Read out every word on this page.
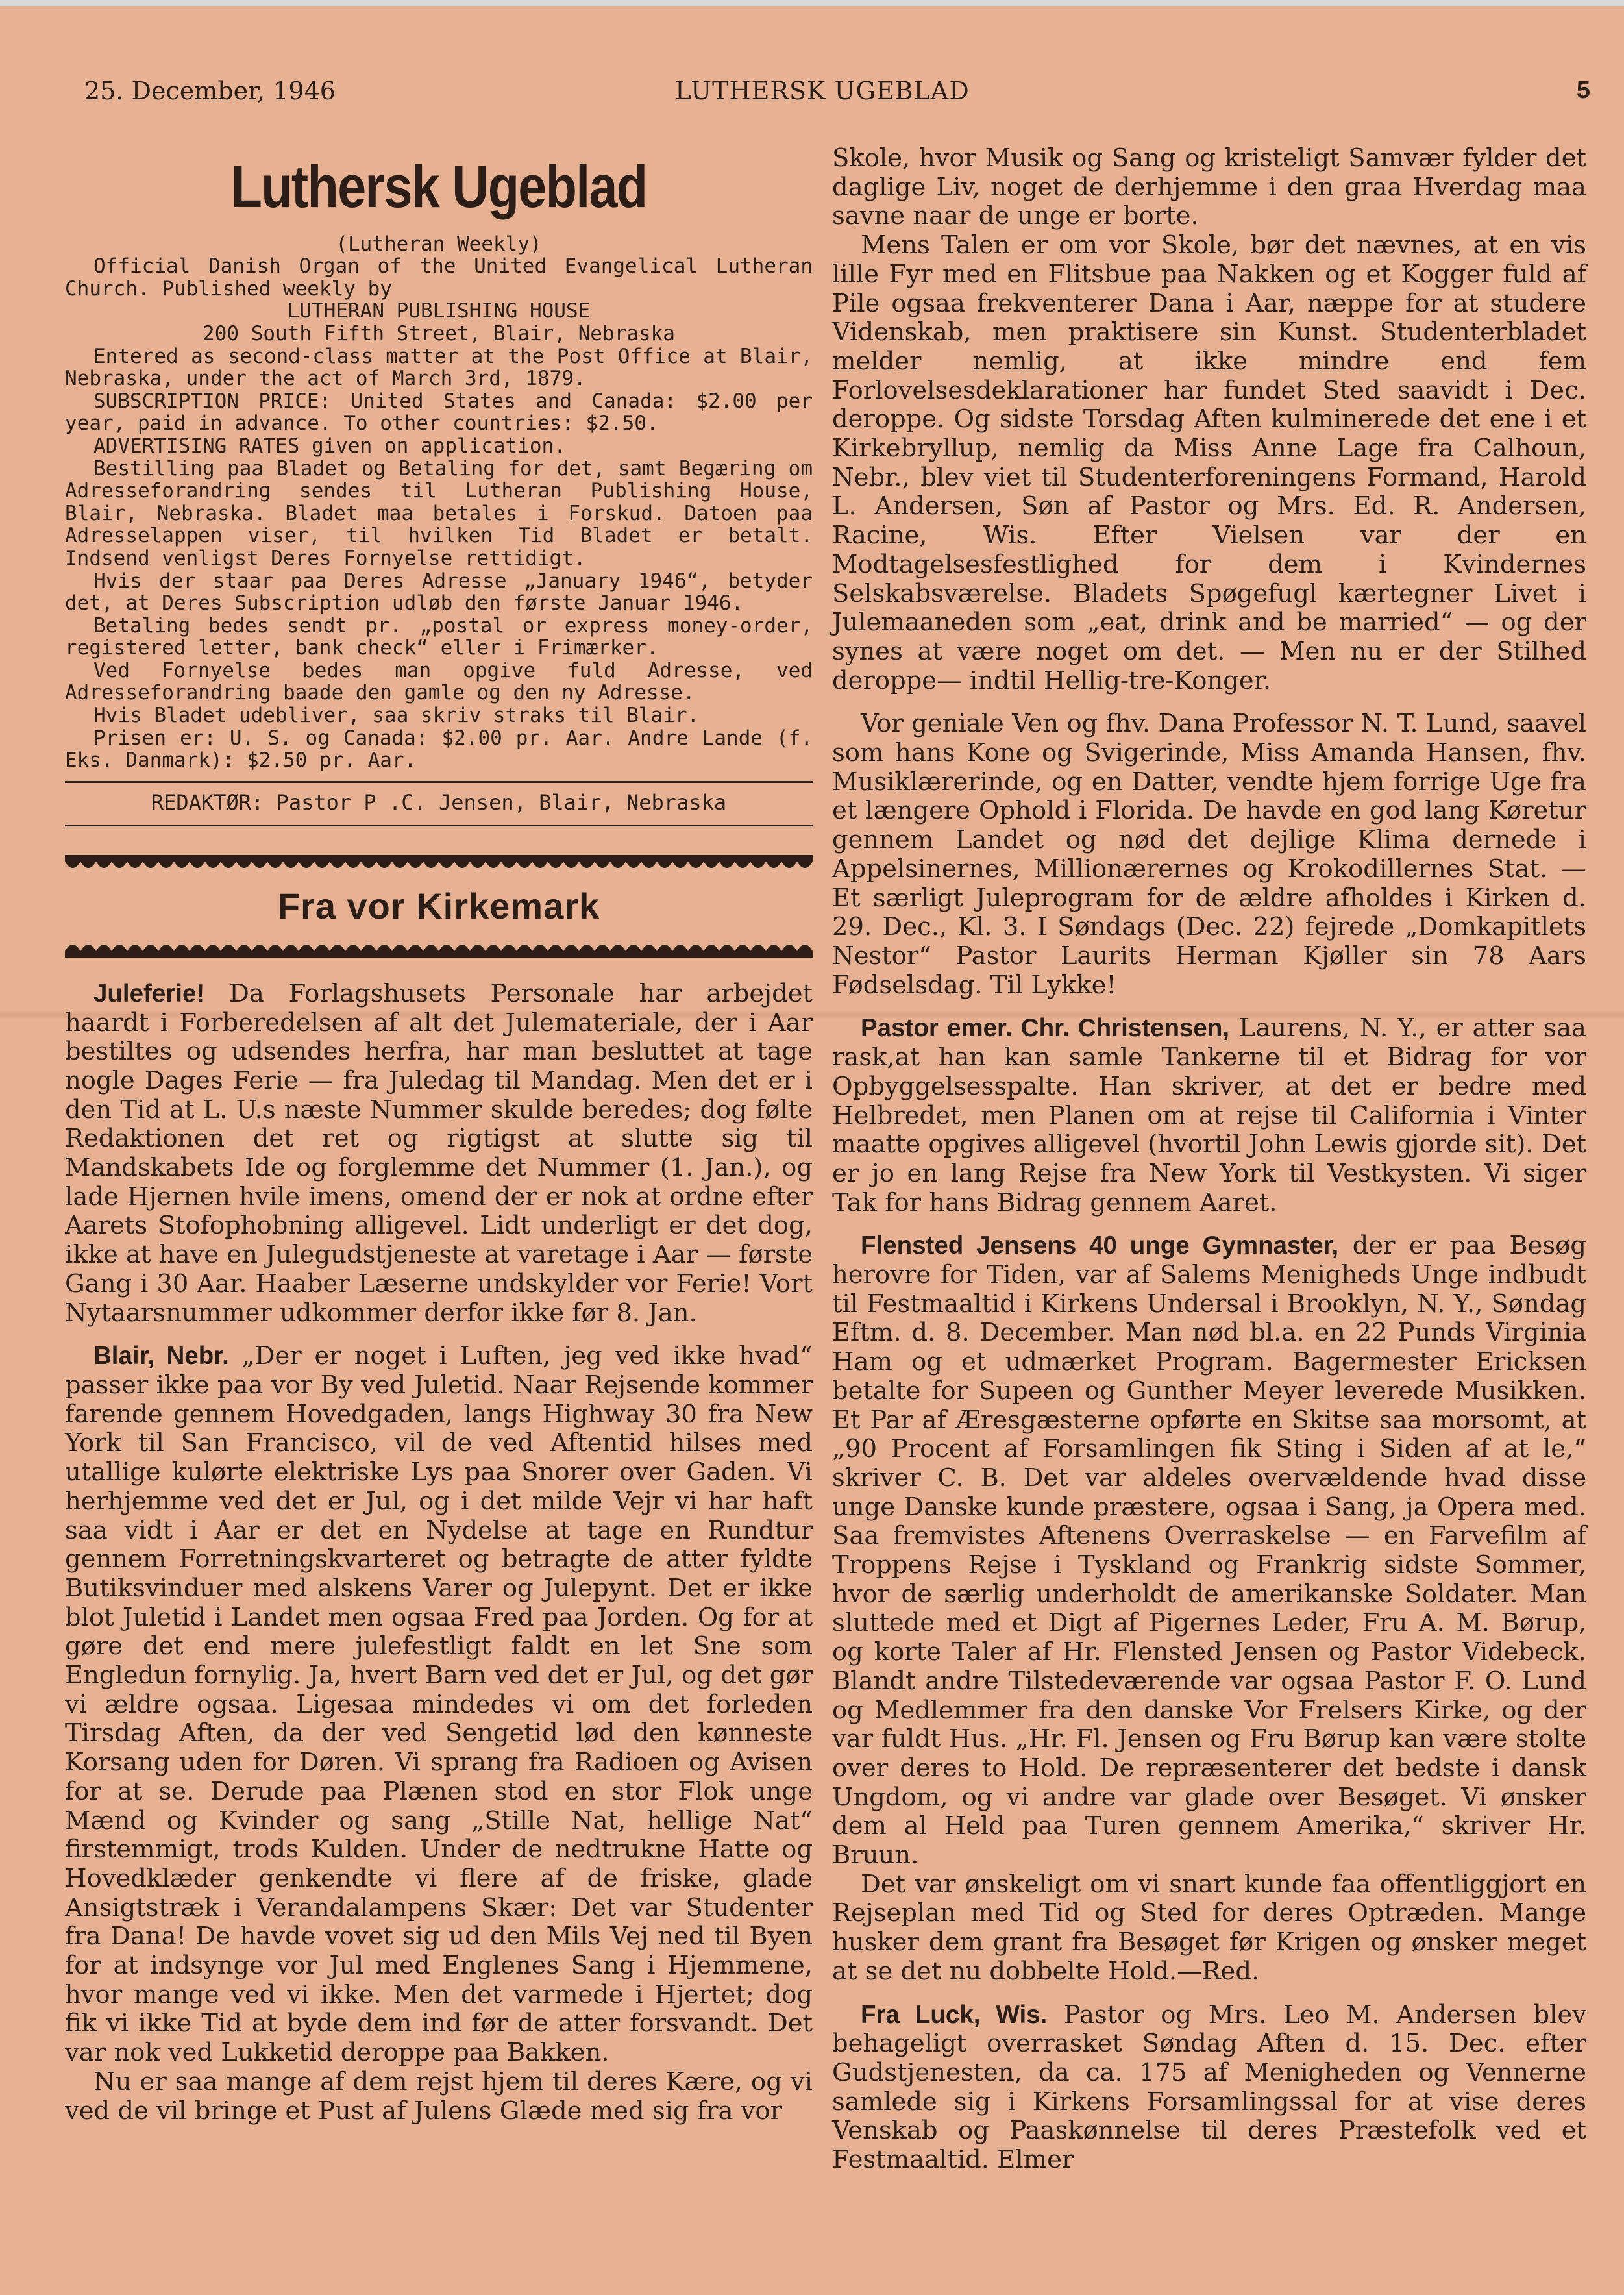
25. December, 1946	LUTHERSK UGEBLAD	5
Luthersk Ugeblad

(Lutheran Weekly)

Official Danish Organ of the United Evangelical Lutheran Church. Published weekly by

LUTHERAN PUBLISHING HOUSE

200 South Fifth Street, Blair, Nebraska

Entered as second-class matter at the Post Office at Blair, Nebraska, under the act of March 3rd, 1879.

SUBSCRIPTION PRICE: United States and Canada: $2.00 per year, paid in advance. To other countries: $2.50.

ADVERTISING RATES given on application.

Bestilling paa Bladet og Betaling for det, samt Begæring om Adresseforandring sendes til Lutheran Publishing House, Blair, Nebraska. Bladet maa betales i Forskud. Datoen paa Adresselappen viser, til hvilken Tid Bladet er betalt. Indsend venligst Deres Fornyelse rettidigt.

Hvis der staar paa Deres Adresse „January 1946“, betyder det, at Deres Subscription udløb den første Januar 1946.

Betaling bedes sendt pr. „postal or express money-order, registered letter, bank check“ eller i Frimærker.

Ved Fornyelse bedes man opgive fuld Adresse, ved Adresseforandring baade den gamle og den ny Adresse.

Hvis Bladet udebliver, saa skriv straks til Blair.

Prisen er: U. S. og Canada: $2.00 pr. Aar. Andre Lande (f. Eks. Danmark): $2.50 pr. Aar.

REDAKTØR: Pastor P .C. Jensen, Blair, Nebraska
Fra vor Kirkemark

Juleferie! Da Forlagshusets Personale har arbejdet haardt i Forberedelsen af alt det Julemateriale, der i Aar bestiltes og udsendes herfra, har man besluttet at tage nogle Dages Ferie — fra Juledag til Mandag. Men det er i den Tid at L. U.s næste Nummer skulde beredes; dog følte Redaktionen det ret og rigtigst at slutte sig til Mandskabets Ide og forglemme det Nummer (1. Jan.), og lade Hjernen hvile imens, omend der er nok at ordne efter Aarets Stofophobning alligevel. Lidt underligt er det dog, ikke at have en Julegudstjeneste at varetage i Aar — første Gang i 30 Aar. Haaber Læserne undskylder vor Ferie! Vort Nytaarsnummer udkommer derfor ikke før 8. Jan.

Blair, Nebr. „Der er noget i Luften, jeg ved ikke hvad“ passer ikke paa vor By ved Juletid. Naar Rejsende kommer farende gennem Hovedgaden, langs Highway 30 fra New York til San Francisco, vil de ved Aftentid hilses med utallige kulørte elektriske Lys paa Snorer over Gaden. Vi herhjemme ved det er Jul, og i det milde Vejr vi har haft saa vidt i Aar er det en Nydelse at tage en Rundtur gennem Forretningskvarteret og betragte de atter fyldte Butiksvinduer med alskens Varer og Julepynt. Det er ikke blot Juletid i Landet men ogsaa Fred paa Jorden. Og for at gøre det end mere julefestligt faldt en let Sne som Engledun fornylig. Ja, hvert Barn ved det er Jul, og det gør vi ældre ogsaa. Ligesaa mindedes vi om det forleden Tirsdag Aften, da der ved Sengetid lød den kønneste Korsang uden for Døren. Vi sprang fra Radioen og Avisen for at se. Derude paa Plænen stod en stor Flok unge Mænd og Kvinder og sang „Stille Nat, hellige Nat“ firstemmigt, trods Kulden. Under de nedtrukne Hatte og Hovedklæder genkendte vi flere af de friske, glade Ansigtstræk i Verandalampens Skær: Det var Studenter fra Dana! De havde vovet sig ud den Mils Vej ned til Byen for at indsynge vor Jul med Englenes Sang i Hjemmene, hvor mange ved vi ikke. Men det varmede i Hjertet; dog fik vi ikke Tid at byde dem ind før de atter forsvandt. Det var nok ved Lukketid deroppe paa Bakken.

Nu er saa mange af dem rejst hjem til deres Kære, og vi ved de vil bringe et Pust af Julens Glæde med sig fra vor

Skole, hvor Musik og Sang og kristeligt Samvær fylder det daglige Liv, noget de derhjemme i den graa Hverdag maa savne naar de unge er borte.

Mens Talen er om vor Skole, bør det nævnes, at en vis lille Fyr med en Flitsbue paa Nakken og et Kogger fuld af Pile ogsaa frekventerer Dana i Aar, næppe for at studere Videnskab, men praktisere sin Kunst. Studenterbladet melder nemlig, at ikke mindre end fem Forlovelsesdeklarationer har fundet Sted saavidt i Dec. deroppe. Og sidste Torsdag Aften kulminerede det ene i et Kirkebryllup, nemlig da Miss Anne Lage fra Calhoun, Nebr., blev viet til Studenterforeningens Formand, Harold L. Andersen, Søn af Pastor og Mrs. Ed. R. Andersen, Racine, Wis. Efter Vielsen var der en Modtagelsesfestlighed for dem i Kvindernes Selskabsværelse. Bladets Spøgefugl kærtegner Livet i Julemaaneden som „eat, drink and be married“ — og der synes at være noget om det. — Men nu er der Stilhed deroppe— indtil Hellig-tre-Konger.

Vor geniale Ven og fhv. Dana Professor N. T. Lund, saavel som hans Kone og Svigerinde, Miss Amanda Hansen, fhv. Musiklærerinde, og en Datter, vendte hjem forrige Uge fra et længere Ophold i Florida. De havde en god lang Køretur gennem Landet og nød det dejlige Klima dernede i Appelsinernes, Millionærernes og Krokodillernes Stat. — Et særligt Juleprogram for de ældre afholdes i Kirken d. 29. Dec., Kl. 3. I Søndags (Dec. 22) fejrede „Domkapitlets Nestor“ Pastor Laurits Herman Kjøller sin 78 Aars Fødselsdag. Til Lykke!

Pastor emer. Chr. Christensen, Laurens, N. Y., er atter saa rask,at han kan samle Tankerne til et Bidrag for vor Opbyggelsesspalte. Han skriver, at det er bedre med Helbredet, men Planen om at rejse til California i Vinter maatte opgives alligevel (hvortil John Lewis gjorde sit). Det er jo en lang Rejse fra New York til Vestkysten. Vi siger Tak for hans Bidrag gennem Aaret.

Flensted Jensens 40 unge Gymnaster, der er paa Besøg herovre for Tiden, var af Salems Menigheds Unge indbudt til Festmaaltid i Kirkens Undersal i Brooklyn, N. Y., Søndag Eftm. d. 8. December. Man nød bl.a. en 22 Punds Virginia Ham og et udmærket Program. Bagermester Ericksen betalte for Supeen og Gunther Meyer leverede Musikken. Et Par af Æresgæsterne opførte en Skitse saa morsomt, at „90 Procent af Forsamlingen fik Sting i Siden af at le,“ skriver C. B. Det var aldeles overvældende hvad disse unge Danske kunde præstere, ogsaa i Sang, ja Opera med. Saa fremvistes Aftenens Overraskelse — en Farvefilm af Troppens Rejse i Tyskland og Frankrig sidste Sommer, hvor de særlig underholdt de amerikanske Soldater. Man sluttede med et Digt af Pigernes Leder, Fru A. M. Børup, og korte Taler af Hr. Flensted Jensen og Pastor Videbeck. Blandt andre Tilstedeværende var ogsaa Pastor F. O. Lund og Medlemmer fra den danske Vor Frelsers Kirke, og der var fuldt Hus. „Hr. Fl. Jensen og Fru Børup kan være stolte over deres to Hold. De repræsenterer det bedste i dansk Ungdom, og vi andre var glade over Besøget. Vi ønsker dem al Held paa Turen gennem Amerika,“ skriver Hr. Bruun.

Det var ønskeligt om vi snart kunde faa offentliggjort en Rejseplan med Tid og Sted for deres Optræden. Mange husker dem grant fra Besøget før Krigen og ønsker meget at se det nu dobbelte Hold.—Red.

Fra Luck, Wis. Pastor og Mrs. Leo M. Andersen blev behageligt overrasket Søndag Aften d. 15. Dec. efter Gudstjenesten, da ca. 175 af Menigheden og Vennerne samlede sig i Kirkens Forsamlingssal for at vise deres Venskab og Paaskønnelse til deres Præstefolk ved et Festmaaltid. Elmer
